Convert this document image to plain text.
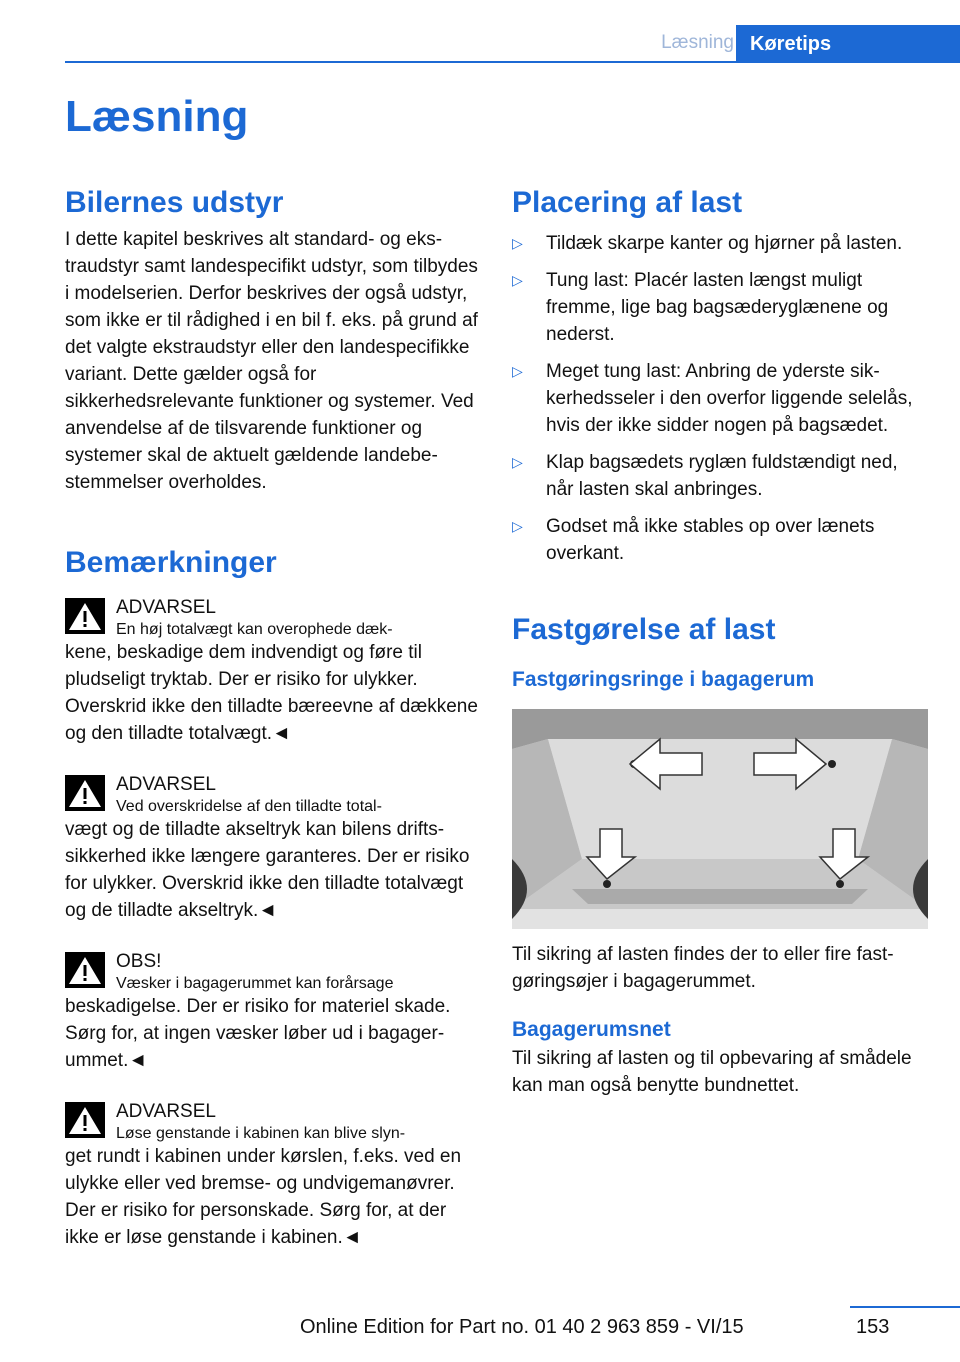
Læsning Køretips
Læsning
Bilernes udstyr

I dette kapitel beskrives alt standard- og ekstraudstyr samt landespecifikt udstyr, som tilbydes i modelserien. Derfor beskrives der også udstyr, som ikke er til rådighed i en bil f. eks. på grund af det valgte ekstraudstyr eller den landespecifikke variant. Dette gælder også for sikkerhedsrelevante funktioner og systemer. Ved anvendelse af de tilsvarende funktioner og systemer skal de aktuelt gældende landebestemmelser overholdes.

Bemærkninger
ADVARSEL
En høj totalvægt kan overophede dæk-

kene, beskadige dem indvendigt og føre til pludseligt tryktab. Der er risiko for ulykker. Overskrid ikke den tilladte bæreevne af dækkene og den tilladte totalvægt.◄

ADVARSEL
Ved overskridelse af den tilladte total-

vægt og de tilladte akseltryk kan bilens driftssikkerhed ikke længere garanteres. Der er risiko for ulykker. Overskrid ikke den tilladte totalvægt og de tilladte akseltryk.◄

OBS!
Væsker i bagagerummet kan forårsage

beskadigelse. Der er risiko for materiel skade. Sørg for, at ingen væsker løber ud i bagagerummet.◄

ADVARSEL
Løse genstande i kabinen kan blive slyn-

get rundt i kabinen under kørslen, f.eks. ved en ulykke eller ved bremse- og undvigemanøvrer. Der er risiko for personskade. Sørg for, at der ikke er løse genstande i kabinen.◄

Placering af last
▷ Tildæk skarpe kanter og hjørner på lasten.
▷ Tung last: Placér lasten længst muligt fremme, lige bag bagsæderyglænene og nederst.
▷ Meget tung last: Anbring de yderste sikkerhedsseler i den overfor liggende selelås, hvis der ikke sidder nogen på bagsædet.
▷ Klap bagsædets ryglæn fuldstændigt ned, når lasten skal anbringes.
▷ Godset må ikke stables op over lænets overkant.
Fastgørelse af last
Fastgøringsringe i bagagerum

Til sikring af lasten findes der to eller fire fastgøringsøjer i bagagerummet.

Bagagerumsnet

Til sikring af lasten og til opbevaring af smådele kan man også benytte bundnettet.

153
Online Edition for Part no. 01 40 2 963 859 - VI/15
